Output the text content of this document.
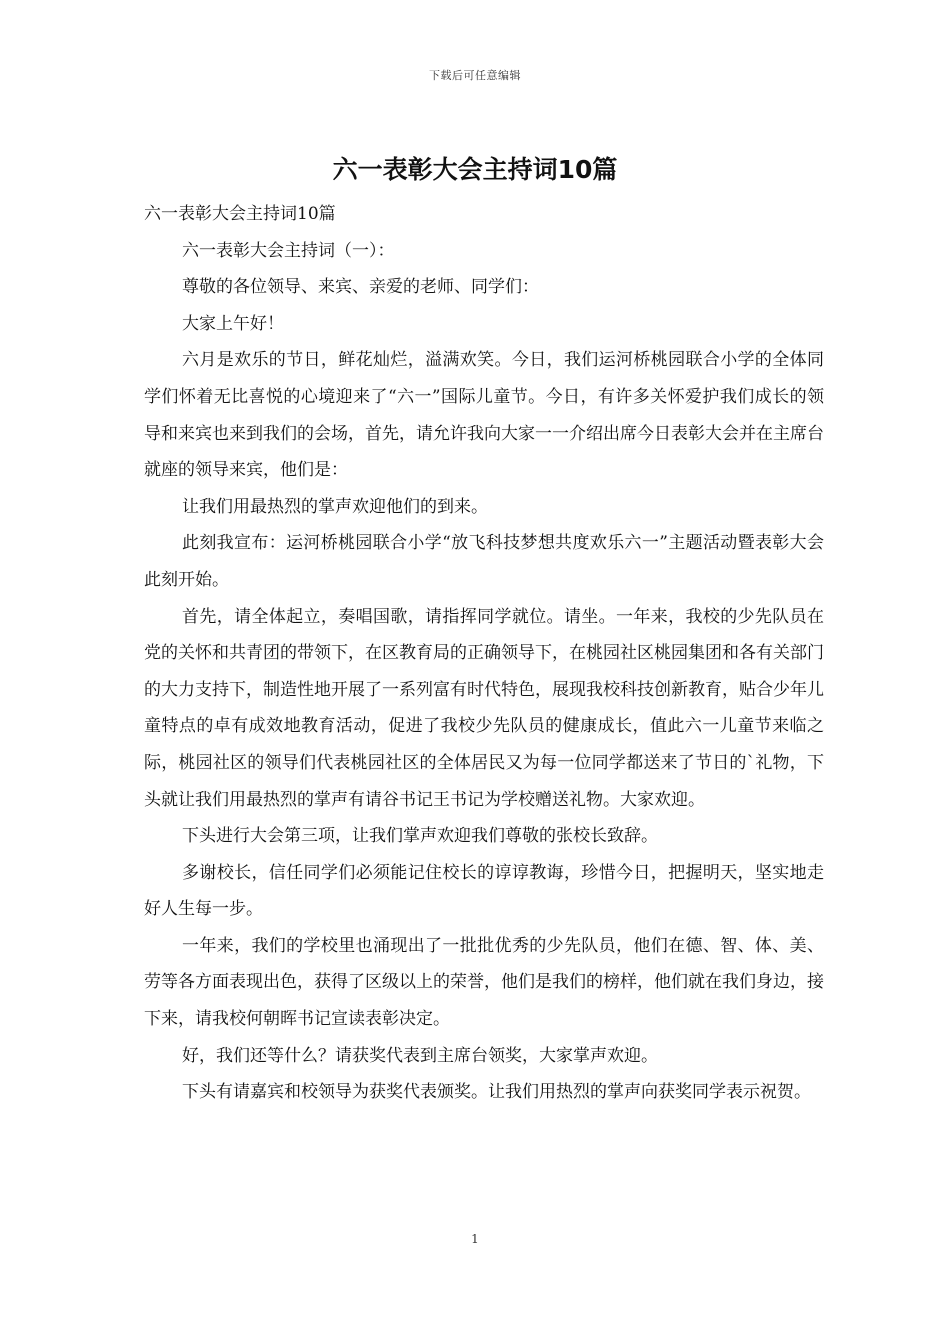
下载后可任意编辑
六一表彰大会主持词10篇

六一表彰大会主持词10篇

六一表彰大会主持词（一）：

尊敬的各位领导、来宾、亲爱的老师、同学们：

大家上午好！

六月是欢乐的节日，鲜花灿烂，溢满欢笑。今日，我们运河桥桃园联合小学的全体同学们怀着无比喜悦的心境迎来了“六一”国际儿童节。今日，有许多关怀爱护我们成长的领导和来宾也来到我们的会场，首先，请允许我向大家一一介绍出席今日表彰大会并在主席台就座的领导来宾，他们是：

让我们用最热烈的掌声欢迎他们的到来。

此刻我宣布：运河桥桃园联合小学“放飞科技梦想共度欢乐六一”主题活动暨表彰大会此刻开始。

首先，请全体起立，奏唱国歌，请指挥同学就位。请坐。一年来，我校的少先队员在党的关怀和共青团的带领下，在区教育局的正确领导下，在桃园社区桃园集团和各有关部门的大力支持下，制造性地开展了一系列富有时代特色，展现我校科技创新教育，贴合少年儿童特点的卓有成效地教育活动，促进了我校少先队员的健康成长，值此六一儿童节来临之际，桃园社区的领导们代表桃园社区的全体居民又为每一位同学都送来了节日的`礼物，下头就让我们用最热烈的掌声有请谷书记王书记为学校赠送礼物。大家欢迎。

下头进行大会第三项，让我们掌声欢迎我们尊敬的张校长致辞。

多谢校长，信任同学们必须能记住校长的谆谆教诲，珍惜今日，把握明天，坚实地走好人生每一步。

一年来，我们的学校里也涌现出了一批批优秀的少先队员，他们在德、智、体、美、劳等各方面表现出色，获得了区级以上的荣誉，他们是我们的榜样，他们就在我们身边，接下来，请我校何朝晖书记宣读表彰决定。

好，我们还等什么？请获奖代表到主席台领奖，大家掌声欢迎。

下头有请嘉宾和校领导为获奖代表颁奖。让我们用热烈的掌声向获奖同学表示祝贺。

1
